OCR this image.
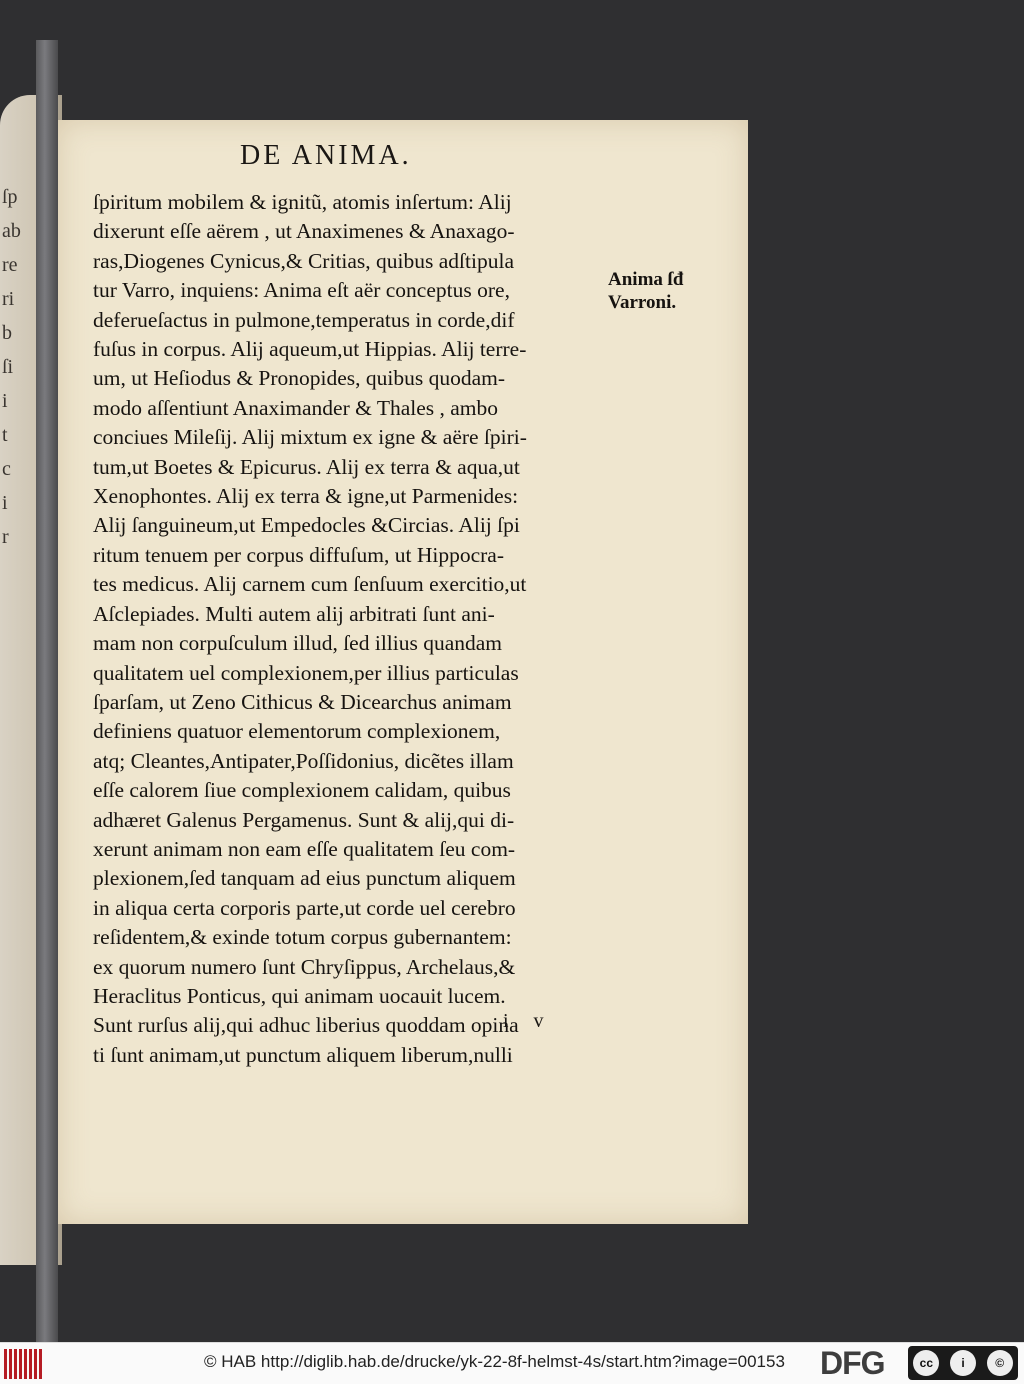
ſp
ab
re
ri
b
ſi
i
t
c
i
r
DE ANIMA.
ſpiritum mobilem & ignitũ, atomis inſertum: Alĳ
dixerunt eſſe aërem , ut Anaximenes & Anaxago-
ras,Diogenes Cynicus,& Critias, quibus adſtipula
tur Varro, inquiens: Anima eſt aër conceptus ore,
deferueſactus in pulmone,temperatus in corde,dif
fuſus in corpus. Alĳ aqueum,ut Hippias. Alĳ terre-
um, ut Heſiodus & Pronopides, quibus quodam-
modo aſſentiunt Anaximander & Thales , ambo
conciues Mileſĳ. Alĳ mixtum ex igne & aëre ſpiri-
tum,ut Boetes & Epicurus. Alĳ ex terra & aqua,ut
Xenophontes. Alĳ ex terra & igne,ut Parmenides:
Alĳ ſanguineum,ut Empedocles &Circias. Alĳ ſpi
ritum tenuem per corpus diffuſum, ut Hippocra-
tes medicus. Alĳ carnem cum ſenſuum exercitio,ut
Aſclepiades. Multi autem alĳ arbitrati ſunt ani-
mam non corpuſculum illud, ſed illius quandam
qualitatem uel complexionem,per illius particulas
ſparſam, ut Zeno Cithicus & Dicearchus animam
definiens quatuor elementorum complexionem,
atq; Cleantes,Antipater,Poſſidonius, dicẽtes illam
eſſe calorem ſiue complexionem calidam, quibus
adhæret Galenus Pergamenus. Sunt & alĳ,qui di-
xerunt animam non eam eſſe qualitatem ſeu com-
plexionem,ſed tanquam ad eius punctum aliquem
in aliqua certa corporis parte,ut corde uel cerebro
reſidentem,& exinde totum corpus gubernantem:
ex quorum numero ſunt Chryſippus, Archelaus,&
Heraclitus Ponticus, qui animam uocauit lucem.
Sunt rurſus alĳ,qui adhuc liberius quoddam opina
ti ſunt animam,ut punctum aliquem liberum,nulli
Anima ſđ
Varroni.
i v
© HAB http://diglib.hab.de/drucke/yk-22-8f-helmst-4s/start.htm?image=00153 DFG	cc	i	©
